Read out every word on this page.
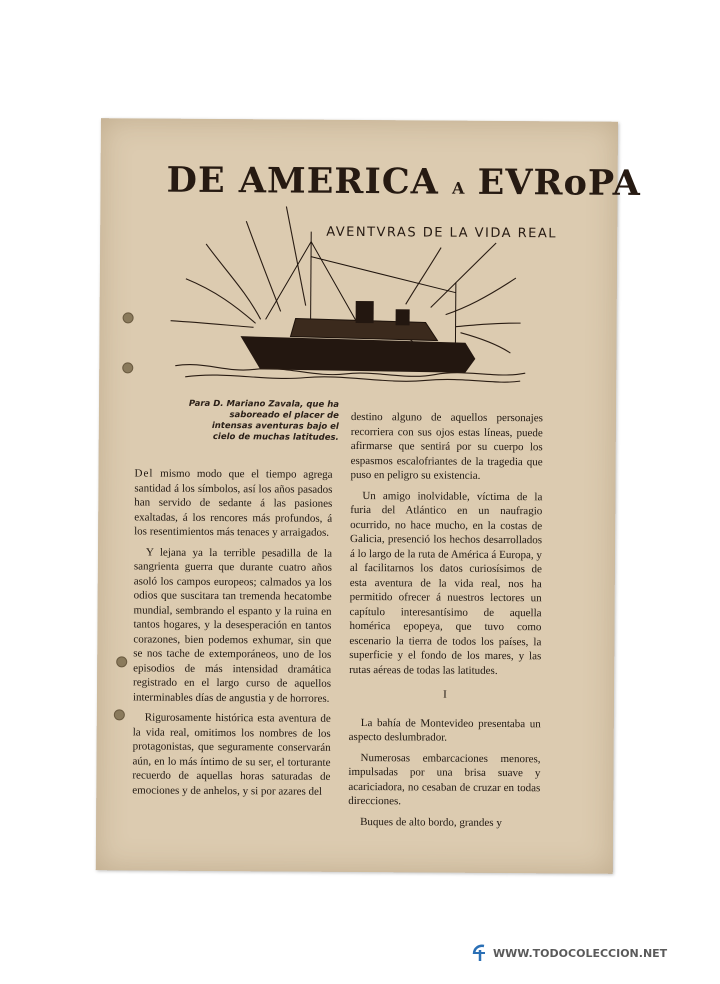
DE AMERICA A EVRoPA
AVENTVRAS DE LA VIDA REAL
Para D. Mariano Zavala, que ha saboreado el placer de intensas aventuras bajo el cielo de muchas latitudes.

Del mismo modo que el tiempo agrega santidad á los símbolos, así los años pasados han servido de sedante á las pasiones exaltadas, á los rencores más profundos, á los resentimientos más tenaces y arraigados.

Y lejana ya la terrible pesadilla de la sangrienta guerra que durante cuatro años asoló los campos europeos; calmados ya los odios que suscitara tan tremenda hecatombe mundial, sembrando el espanto y la ruina en tantos hogares, y la desesperación en tantos corazones, bien podemos exhumar, sin que se nos tache de extemporáneos, uno de los episodios de más intensidad dramática registrado en el largo curso de aquellos interminables días de angustia y de horrores.

Rigurosamente histórica esta aventura de la vida real, omitimos los nombres de los protagonistas, que seguramente conservarán aún, en lo más íntimo de su ser, el torturante recuerdo de aquellas horas saturadas de emociones y de anhelos, y si por azares del

destino alguno de aquellos personajes recorriera con sus ojos estas líneas, puede afirmarse que sentirá por su cuerpo los espasmos escalofriantes de la tragedia que puso en peligro su existencia.

Un amigo inolvidable, víctima de la furia del Atlántico en un naufragio ocurrido, no hace mucho, en la costas de Galicia, presenció los hechos desarrollados á lo largo de la ruta de América á Europa, y al facilitarnos los datos curiosísimos de esta aventura de la vida real, nos ha permitido ofrecer á nuestros lectores un capítulo interesantísimo de aquella homérica epopeya, que tuvo como escenario la tierra de todos los países, la superficie y el fondo de los mares, y las rutas aéreas de todas las latitudes.

I

La bahía de Montevideo presentaba un aspecto deslumbrador.

Numerosas embarcaciones menores, impulsadas por una brisa suave y acariciadora, no cesaban de cruzar en todas direcciones.

Buques de alto bordo, grandes y

WWW.TODOCOLECCION.NET
